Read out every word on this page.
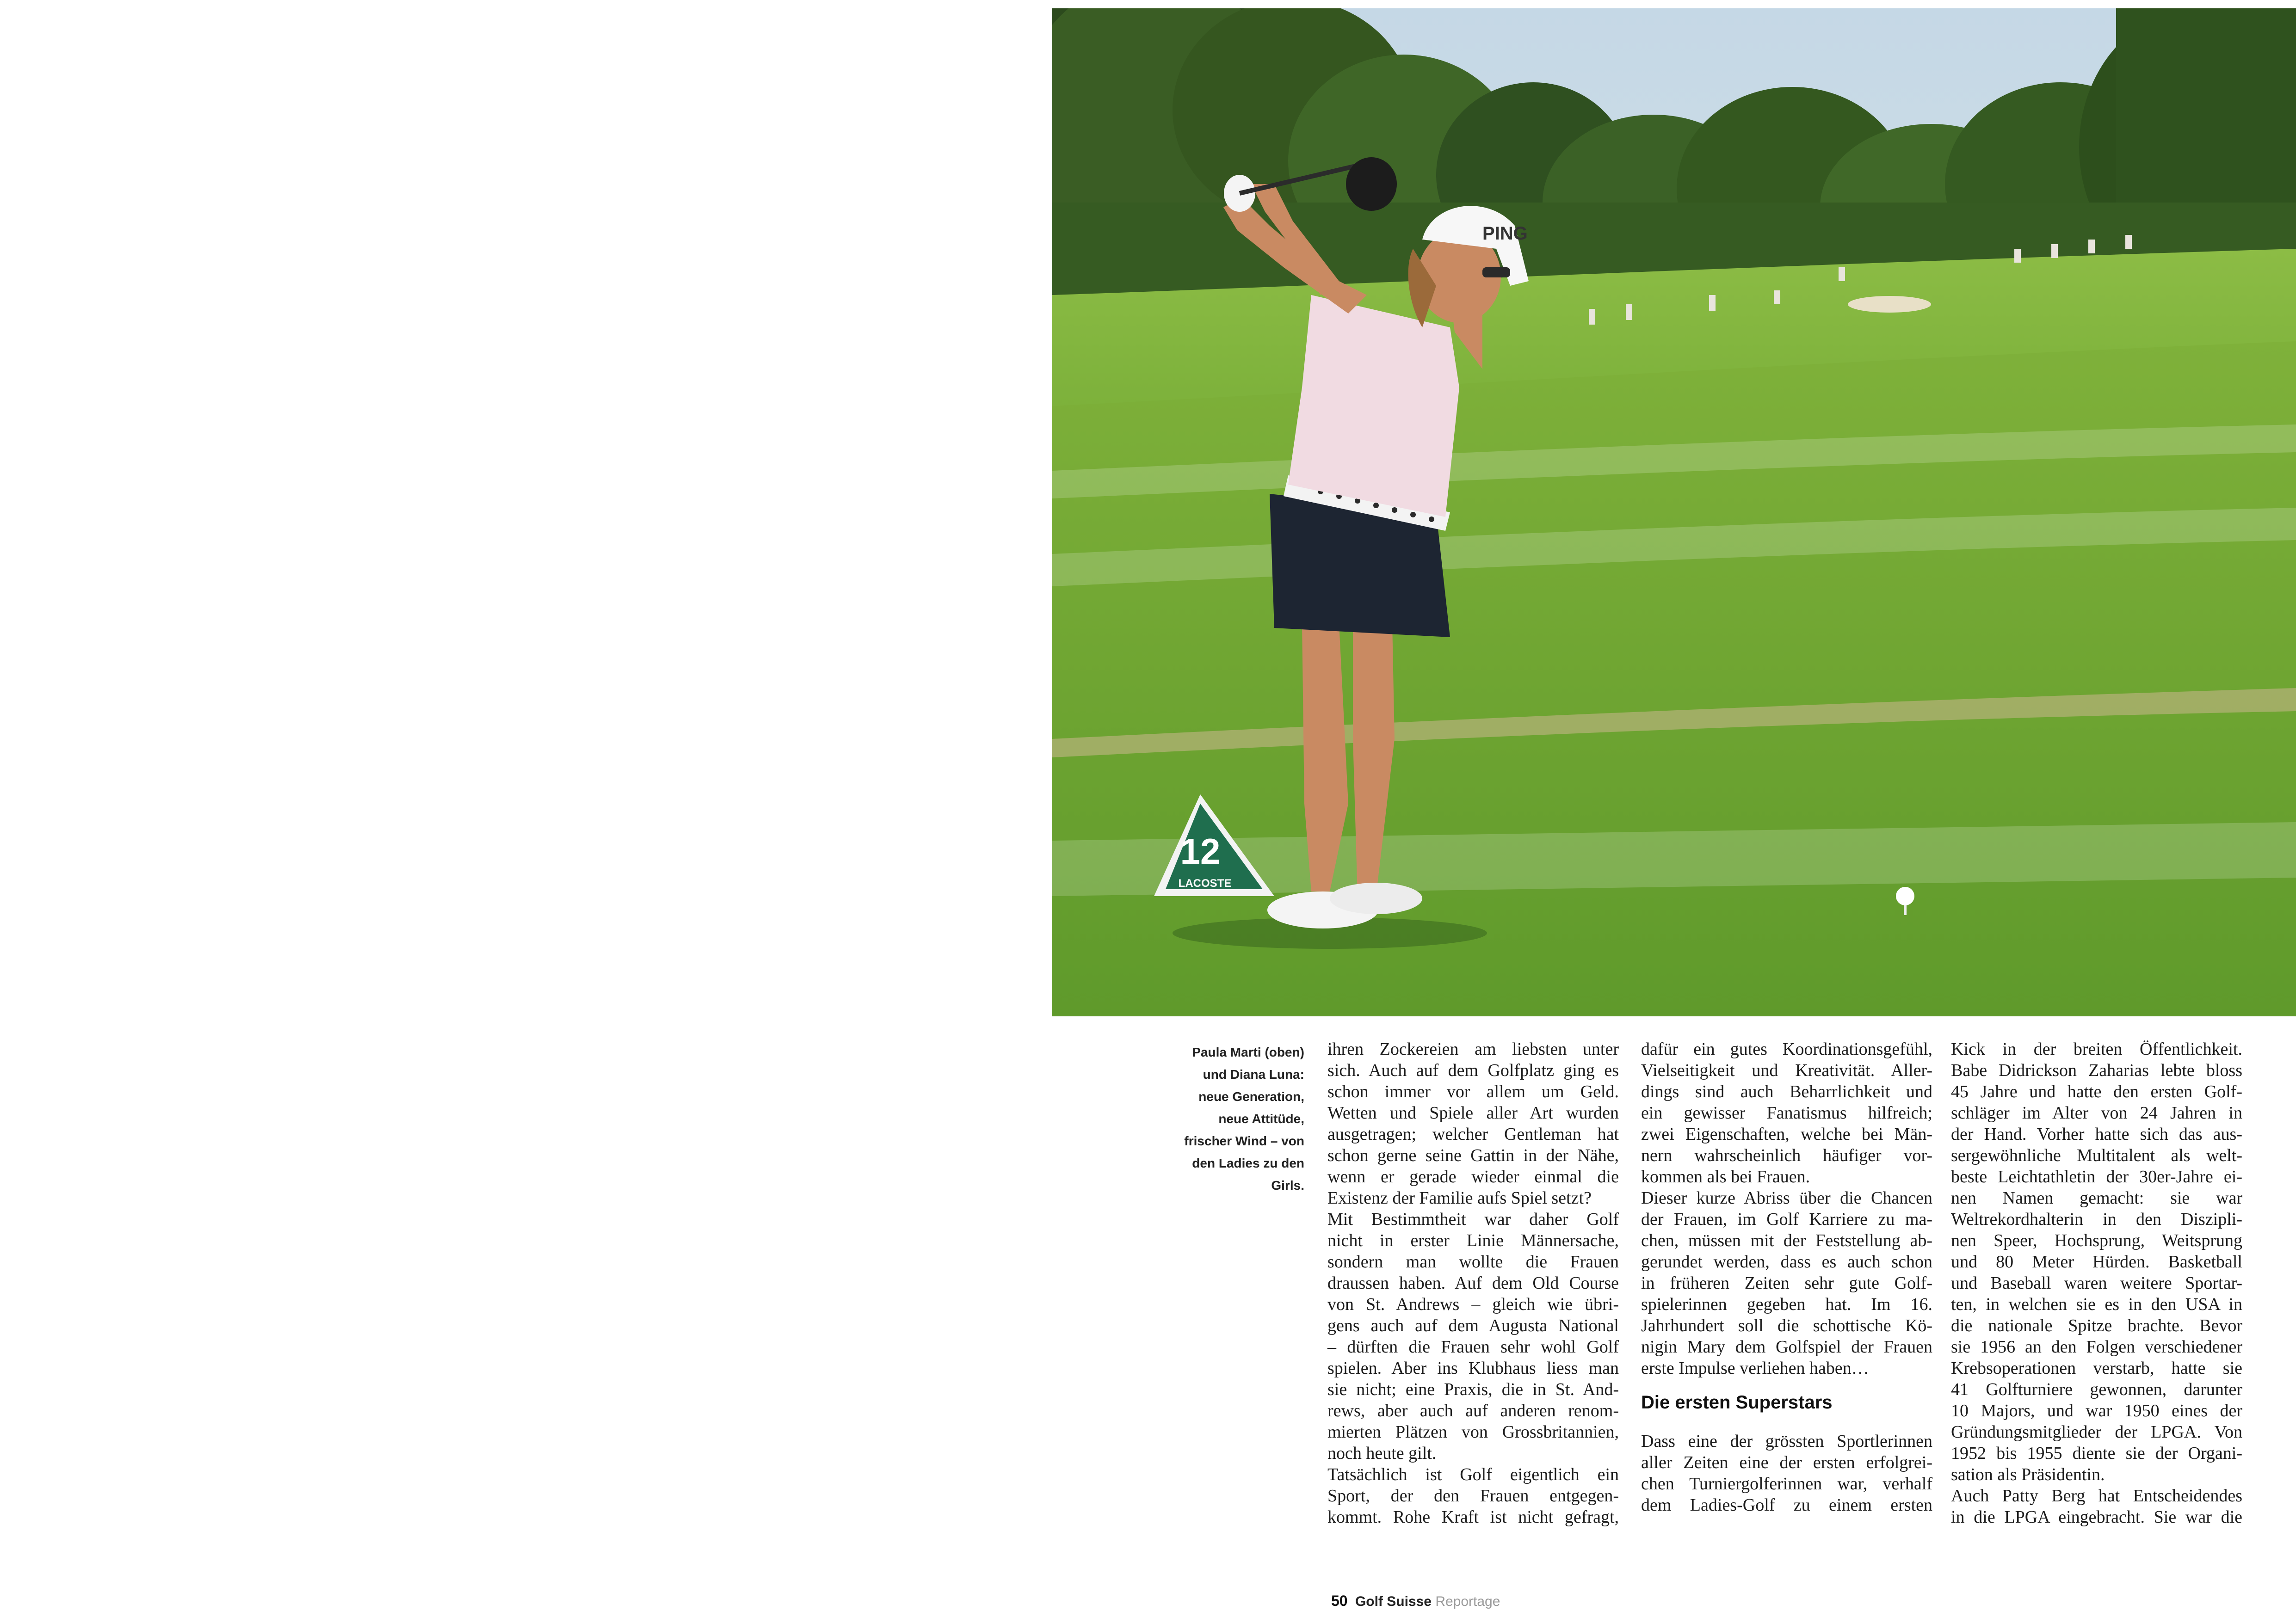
PING
12
LACOSTE
Paula Marti (oben)
und Diana Luna:
neue Generation,
neue Attitüde,
frischer Wind – von
den Ladies zu den
Girls.
ihren Zockereien am liebsten unter
sich. Auch auf dem Golfplatz ging es
schon immer vor allem um Geld.
Wetten und Spiele aller Art wurden
ausgetragen; welcher Gentleman hat
schon gerne seine Gattin in der Nähe,
wenn er gerade wieder einmal die
Existenz der Familie aufs Spiel setzt?
Mit Bestimmtheit war daher Golf
nicht in erster Linie Männersache,
sondern man wollte die Frauen
draussen haben. Auf dem Old Course
von St. Andrews – gleich wie übri-
gens auch auf dem Augusta National
– dürften die Frauen sehr wohl Golf
spielen. Aber ins Klubhaus liess man
sie nicht; eine Praxis, die in St. And-
rews, aber auch auf anderen renom-
mierten Plätzen von Grossbritannien,
noch heute gilt.
Tatsächlich ist Golf eigentlich ein
Sport, der den Frauen entgegen-
kommt. Rohe Kraft ist nicht gefragt,
dafür ein gutes Koordinationsgefühl,
Vielseitigkeit und Kreativität. Aller-
dings sind auch Beharrlichkeit und
ein gewisser Fanatismus hilfreich;
zwei Eigenschaften, welche bei Män-
nern wahrscheinlich häufiger vor-
kommen als bei Frauen.
Dieser kurze Abriss über die Chancen
der Frauen, im Golf Karriere zu ma-
chen, müssen mit der Feststellung ab-
gerundet werden, dass es auch schon
in früheren Zeiten sehr gute Golf-
spielerinnen gegeben hat. Im 16.
Jahrhundert soll die schottische Kö-
nigin Mary dem Golfspiel der Frauen
erste Impulse verliehen haben…
Die ersten Superstars
Dass eine der grössten Sportlerinnen
aller Zeiten eine der ersten erfolgrei-
chen Turniergolferinnen war, verhalf
dem Ladies-Golf zu einem ersten
Kick in der breiten Öffentlichkeit.
Babe Didrickson Zaharias lebte bloss
45 Jahre und hatte den ersten Golf-
schläger im Alter von 24 Jahren in
der Hand. Vorher hatte sich das aus-
sergewöhnliche Multitalent als welt-
beste Leichtathletin der 30er-Jahre ei-
nen Namen gemacht: sie war
Weltrekordhalterin in den Diszipli-
nen Speer, Hochsprung, Weitsprung
und 80 Meter Hürden. Basketball
und Baseball waren weitere Sportar-
ten, in welchen sie es in den USA in
die nationale Spitze brachte. Bevor
sie 1956 an den Folgen verschiedener
Krebsoperationen verstarb, hatte sie
41 Golfturniere gewonnen, darunter
10 Majors, und war 1950 eines der
Gründungsmitglieder der LPGA. Von
1952 bis 1955 diente sie der Organi-
sation als Präsidentin.
Auch Patty Berg hat Entscheidendes
in die LPGA eingebracht. Sie war die
50 Golf Suisse Reportage
